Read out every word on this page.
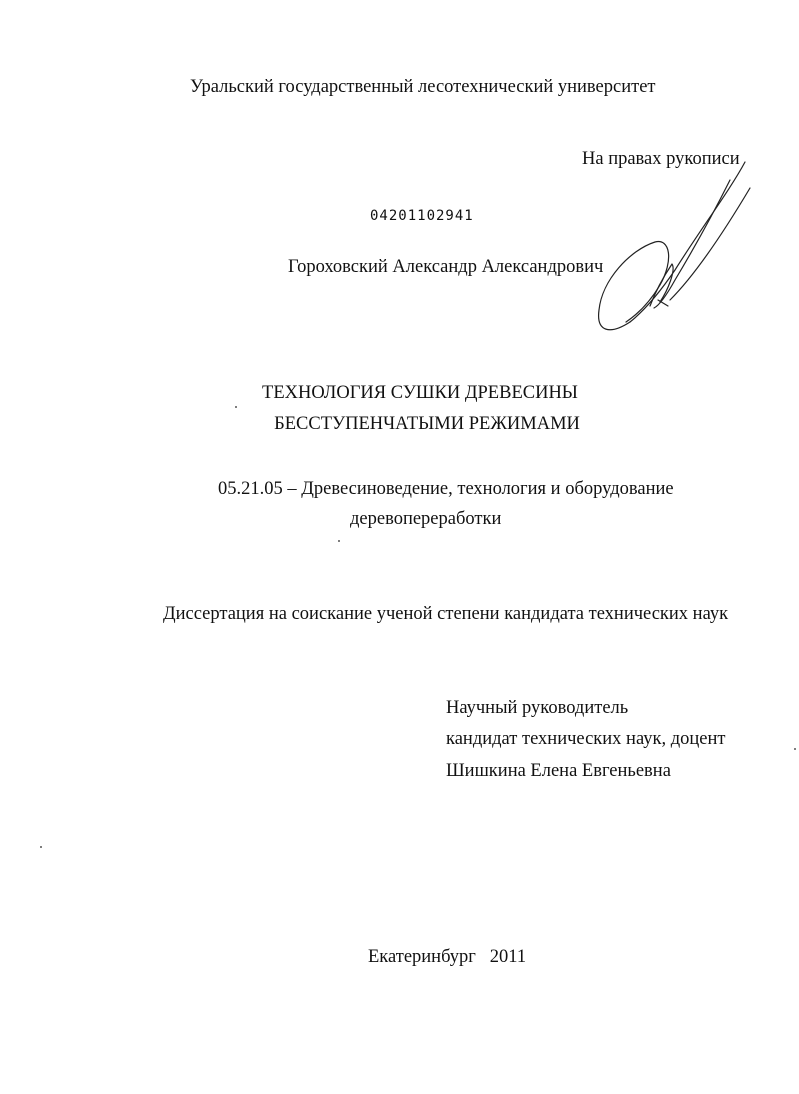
Уральский государственный лесотехнический университет
На правах рукописи
04201102941
Гороховский Александр Александрович
ТЕХНОЛОГИЯ СУШКИ ДРЕВЕСИНЫ
БЕССТУПЕНЧАТЫМИ РЕЖИМАМИ
05.21.05 – Древесиноведение, технология и оборудование
деревопереработки
Диссертация на соискание ученой степени кандидата технических наук
Научный руководитель
кандидат технических наук, доцент
Шишкина Елена Евгеньевна
Екатеринбург 2011
